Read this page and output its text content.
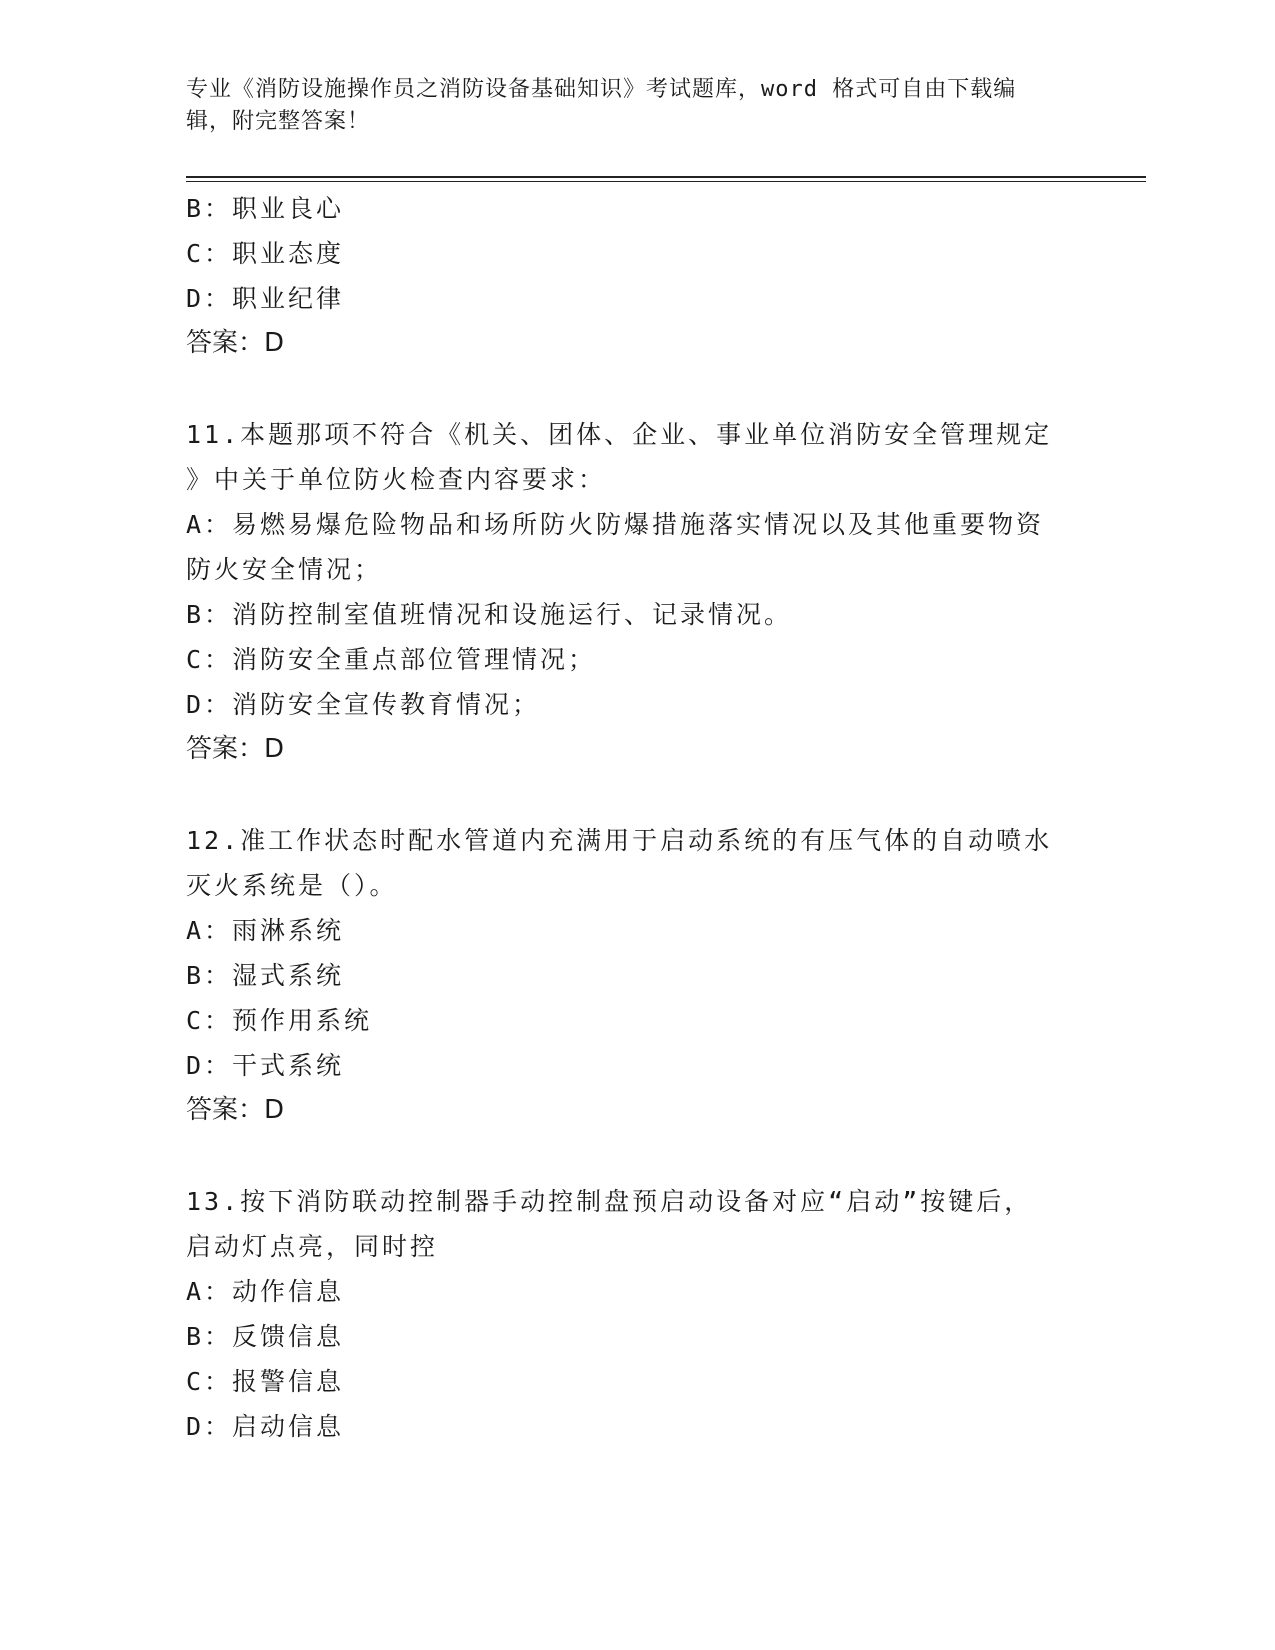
专业《消防设施操作员之消防设备基础知识》考试题库，word 格式可自由下载编
辑，附完整答案！
B：职业良心
C：职业态度
D：职业纪律
答案：D
11.本题那项不符合《机关、团体、企业、事业单位消防安全管理规定
》中关于单位防火检查内容要求：
A：易燃易爆危险物品和场所防火防爆措施落实情况以及其他重要物资
防火安全情况；
B：消防控制室值班情况和设施运行、记录情况。
C：消防安全重点部位管理情况；
D：消防安全宣传教育情况；
答案：D
12.准工作状态时配水管道内充满用于启动系统的有压气体的自动喷水
灭火系统是（）。
A：雨淋系统
B：湿式系统
C：预作用系统
D：干式系统
答案：D
13.按下消防联动控制器手动控制盘预启动设备对应“启动”按键后，
启动灯点亮，同时控
A：动作信息
B：反馈信息
C：报警信息
D：启动信息
